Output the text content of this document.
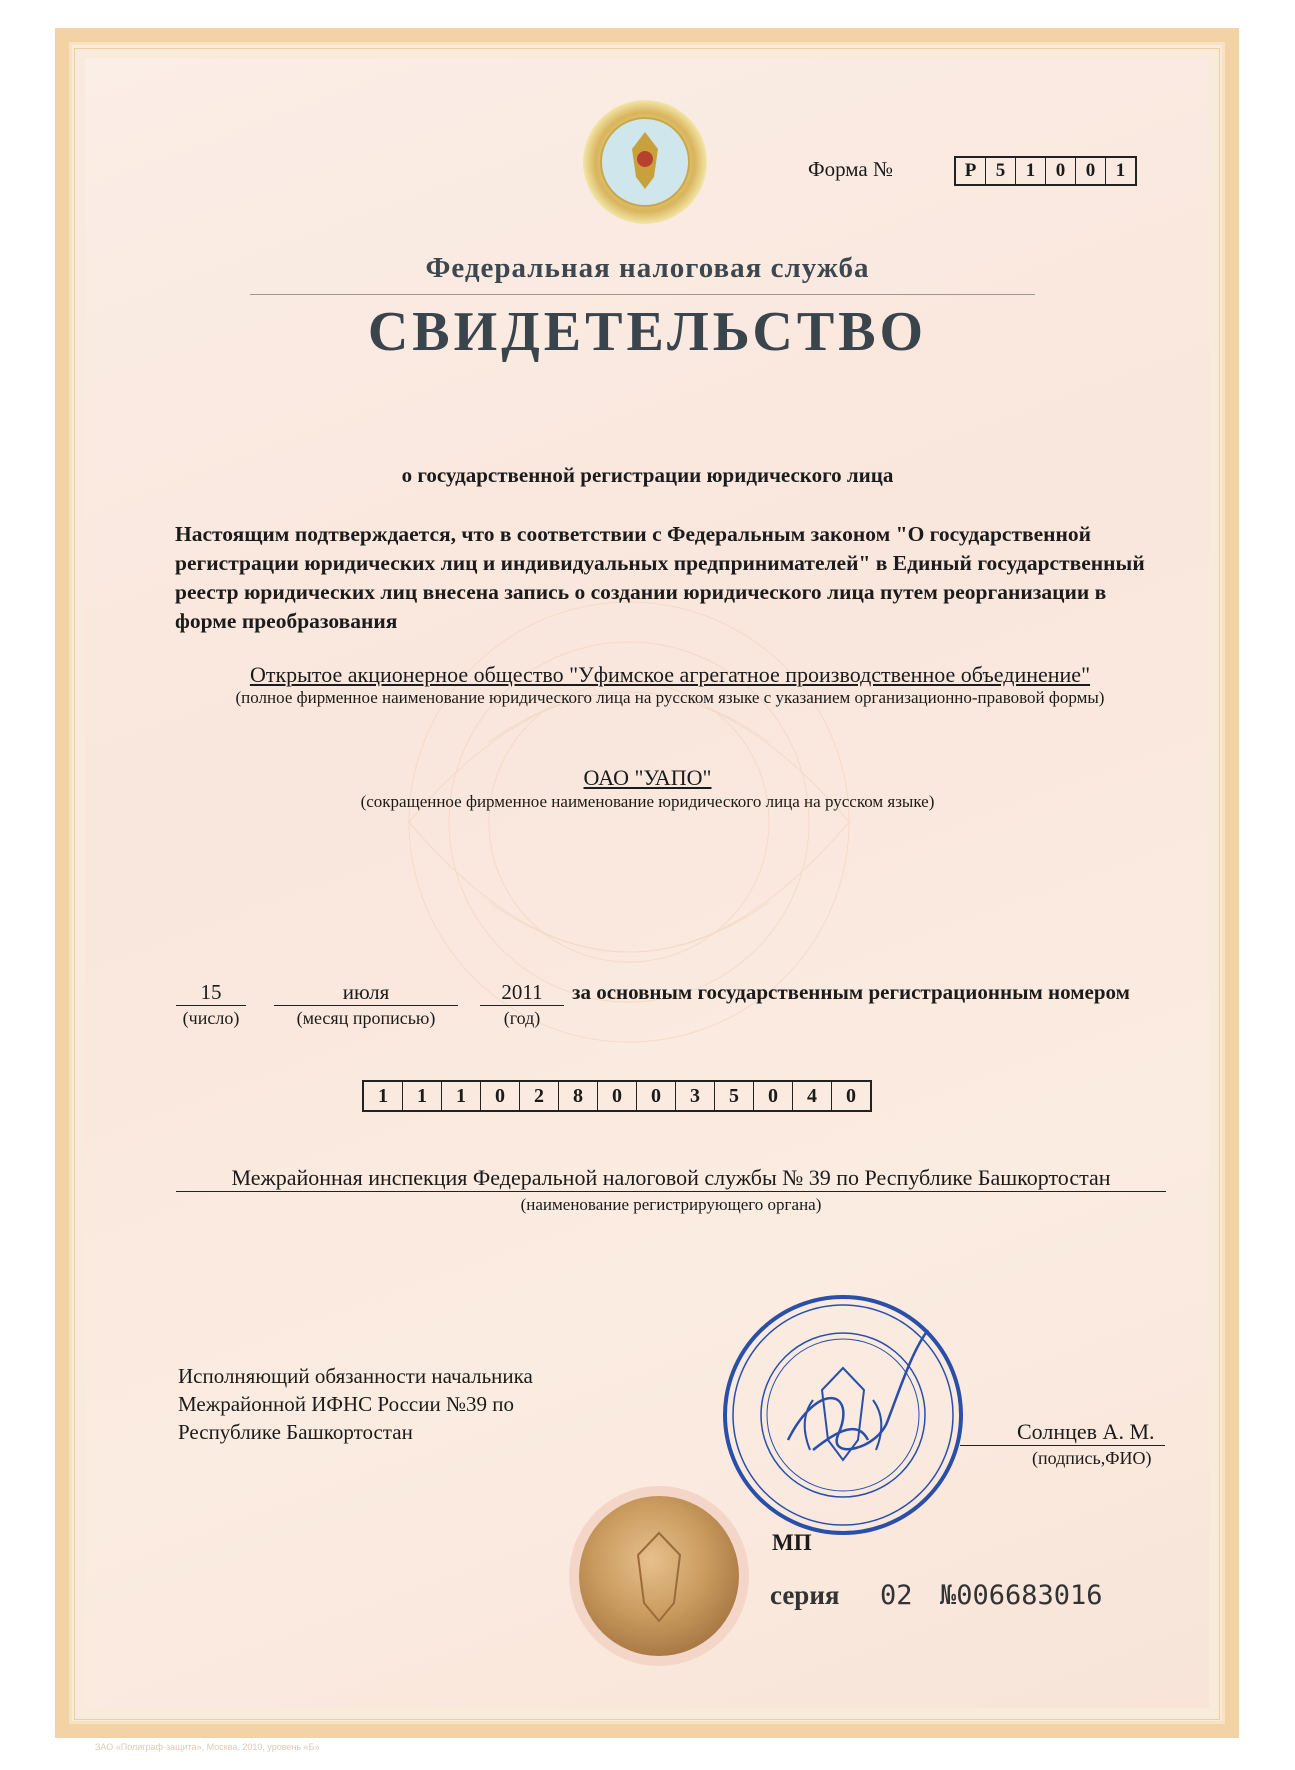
Форма №	Р	5	1	0	0	1
Федеральная налоговая служба
СВИДЕТЕЛЬСТВО
о государственной регистрации юридического лица
Настоящим подтверждается, что в соответствии с Федеральным законом "О государственной регистрации юридических лиц и индивидуальных предпринимателей" в Единый государственный реестр юридических лиц внесена запись о создании юридического лица путем реорганизации в форме преобразования
Открытое акционерное общество "Уфимское агрегатное производственное объединение"
(полное фирменное наименование юридического лица на русском языке с указанием организационно-правовой формы)
ОАО "УАПО"
(сокращенное фирменное наименование юридического лица на русском языке)
15
(число)
июля
(месяц прописью)
2011
(год)
за основным государственным регистрационным номером
1	1	1	0	2	8	0	0	3	5	0	4	0
Межрайонная инспекция Федеральной налоговой службы № 39 по Республике Башкортостан
(наименование регистрирующего органа)
Исполняющий обязанности начальника
Межрайонной ИФНС России №39 по
Республике Башкортостан	Солнцев А. М.
(подпись,ФИО)
МП
серия 02 №006683016
ЗАО «Полиграф-защита», Москва, 2010, уровень «Б»
